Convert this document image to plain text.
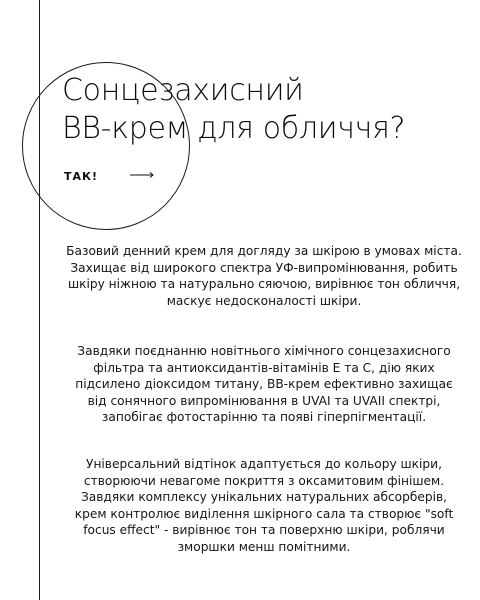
Сонцезахисний
ВВ-крем для обличчя?
ТАК!

Базовий денний крем для догляду за шкірою в умовах міста. Захищає від широкого спектра УФ-випромінювання, робить шкіру ніжною та натурально сяючою, вирівнює тон обличчя, маскує недосконалості шкіри.

Завдяки поєднанню новітнього хімічного сонцезахисного фільтра та антиоксидантів-вітамінів Е та С, дію яких підсилено діоксидом титану, ВВ-крем ефективно захищає від сонячного випромінювання в UVAI та UVAII спектрі, запобігає фотостарінню та появі гіперпігментації.

Універсальний відтінок адаптується до кольору шкіри, створюючи невагоме покриття з оксамитовим фінішем. Завдяки комплексу унікальних натуральних абсорберів, крем контролює виділення шкірного сала та створює "soft focus effect" - вирівнює тон та поверхню шкіри, роблячи зморшки менш помітними.
